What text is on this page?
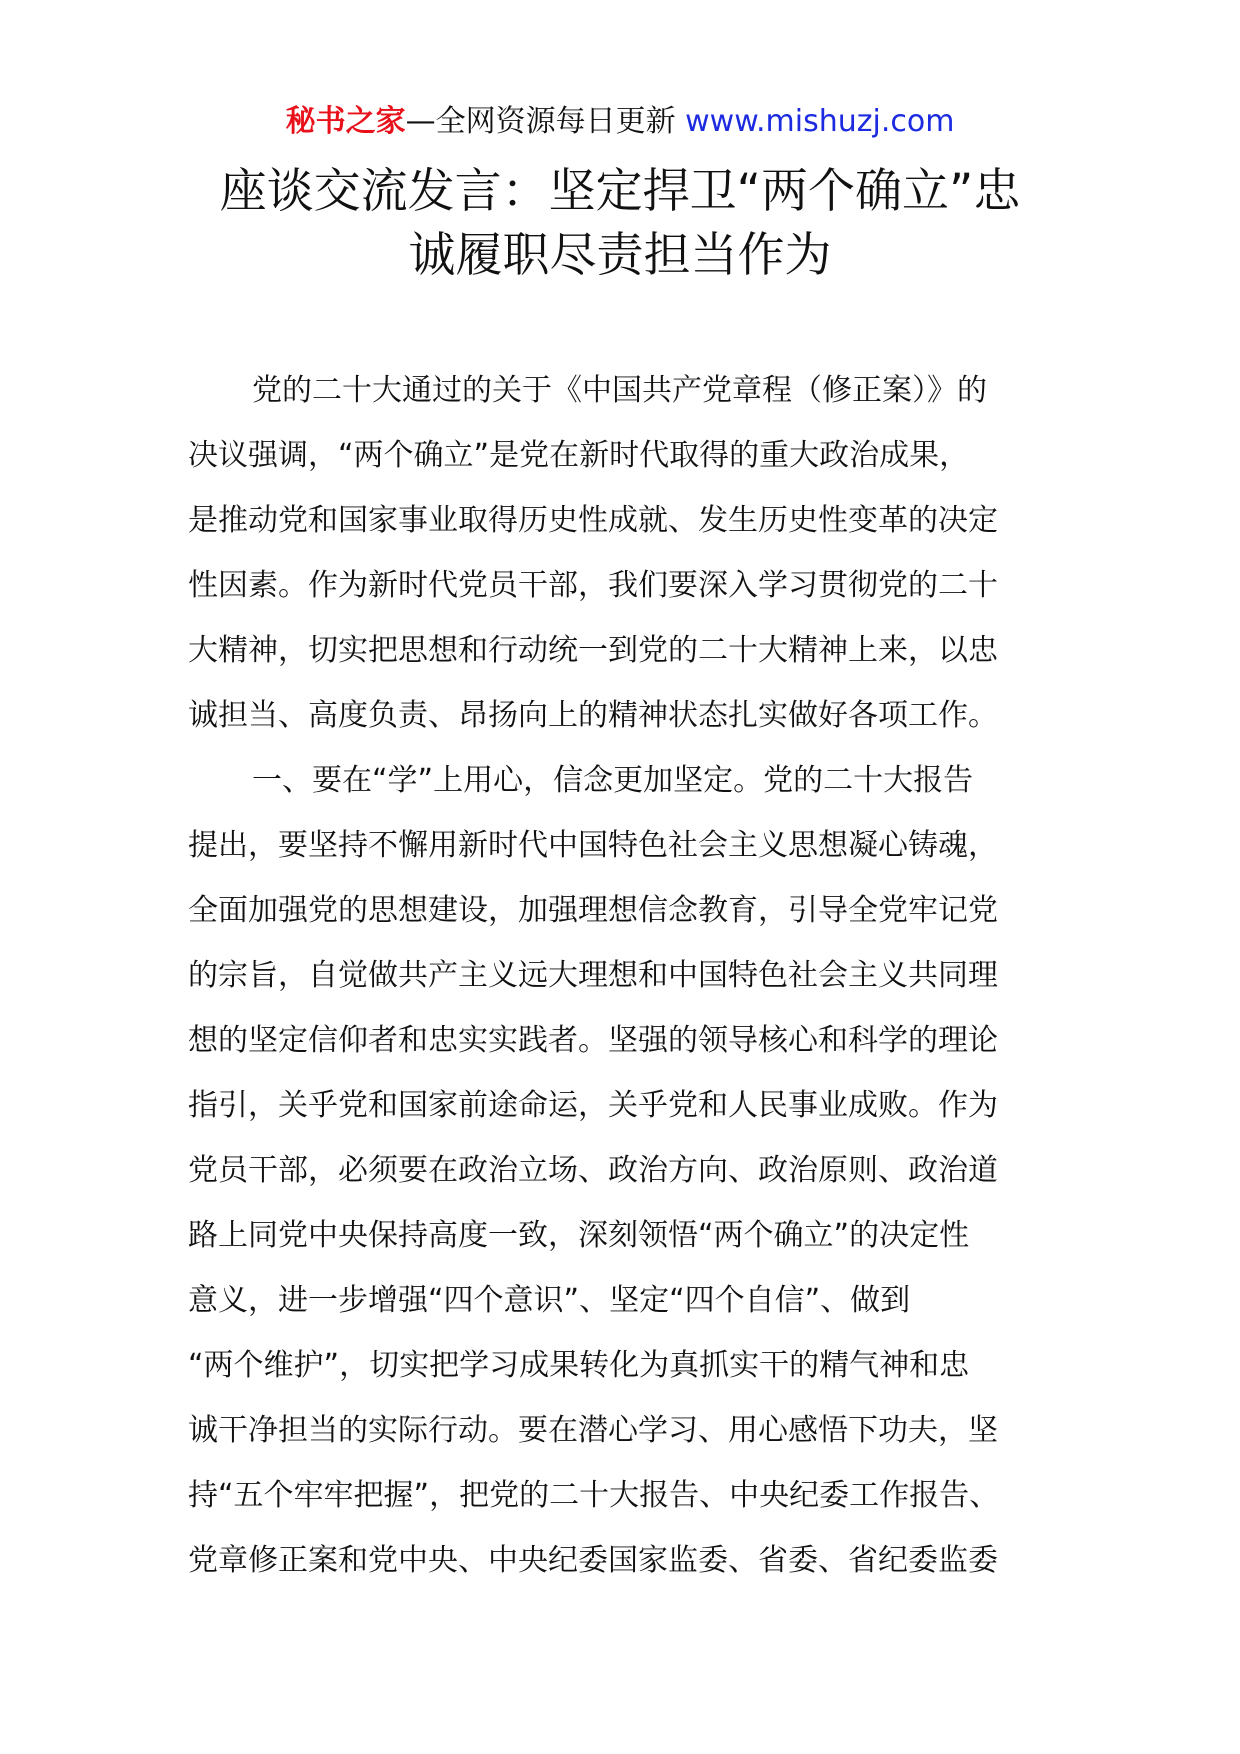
秘书之家—全网资源每日更新 www.mishuzj.com
座谈交流发言：坚定捍卫“两个确立”忠
诚履职尽责担当作为
党的二十大通过的关于《中国共产党章程（修正案）》的
决议强调，“两个确立”是党在新时代取得的重大政治成果，
是推动党和国家事业取得历史性成就、发生历史性变革的决定
性因素。作为新时代党员干部，我们要深入学习贯彻党的二十
大精神，切实把思想和行动统一到党的二十大精神上来，以忠
诚担当、高度负责、昂扬向上的精神状态扎实做好各项工作。
一、要在“学”上用心，信念更加坚定。党的二十大报告
提出，要坚持不懈用新时代中国特色社会主义思想凝心铸魂，
全面加强党的思想建设，加强理想信念教育，引导全党牢记党
的宗旨，自觉做共产主义远大理想和中国特色社会主义共同理
想的坚定信仰者和忠实实践者。坚强的领导核心和科学的理论
指引，关乎党和国家前途命运，关乎党和人民事业成败。作为
党员干部，必须要在政治立场、政治方向、政治原则、政治道
路上同党中央保持高度一致，深刻领悟“两个确立”的决定性
意义，进一步增强“四个意识”、坚定“四个自信”、做到
“两个维护”，切实把学习成果转化为真抓实干的精气神和忠
诚干净担当的实际行动。要在潜心学习、用心感悟下功夫，坚
持“五个牢牢把握”，把党的二十大报告、中央纪委工作报告、
党章修正案和党中央、中央纪委国家监委、省委、省纪委监委
